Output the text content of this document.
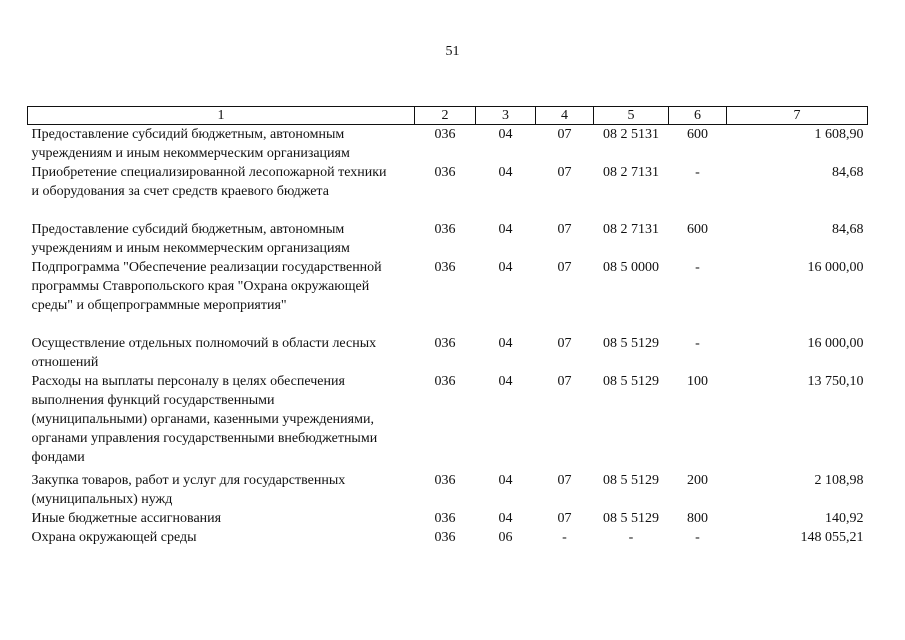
51
1	2	3	4	5	6	7

Предоставление субсидий бюджетным, автономным
учреждениям и иным некоммерческим организациям	036	04	07	08 2 5131	600	1 608,90

Приобретение специализированной лесопожарной техники
и оборудования за счет средств краевого бюджета	036	04	07	08 2 7131	-	84,68

Предоставление субсидий бюджетным, автономным
учреждениям и иным некоммерческим организациям	036	04	07	08 2 7131	600	84,68

Подпрограмма "Обеспечение реализации государственной
программы Ставропольского края "Охрана окружающей
среды" и общепрограммные мероприятия"	036	04	07	08 5 0000	-	16 000,00

Осуществление отдельных полномочий в области лесных
отношений	036	04	07	08 5 5129	-	16 000,00

Расходы на выплаты персоналу в целях обеспечения
выполнения функций государственными
(муниципальными) органами, казенными учреждениями,
органами управления государственными внебюджетными
фондами	036	04	07	08 5 5129	100	13 750,10

Закупка товаров, работ и услуг для государственных
(муниципальных) нужд	036	04	07	08 5 5129	200	2 108,98

Иные бюджетные ассигнования	036	04	07	08 5 5129	800	140,92

Охрана окружающей среды	036	06	-	-	-	148 055,21
